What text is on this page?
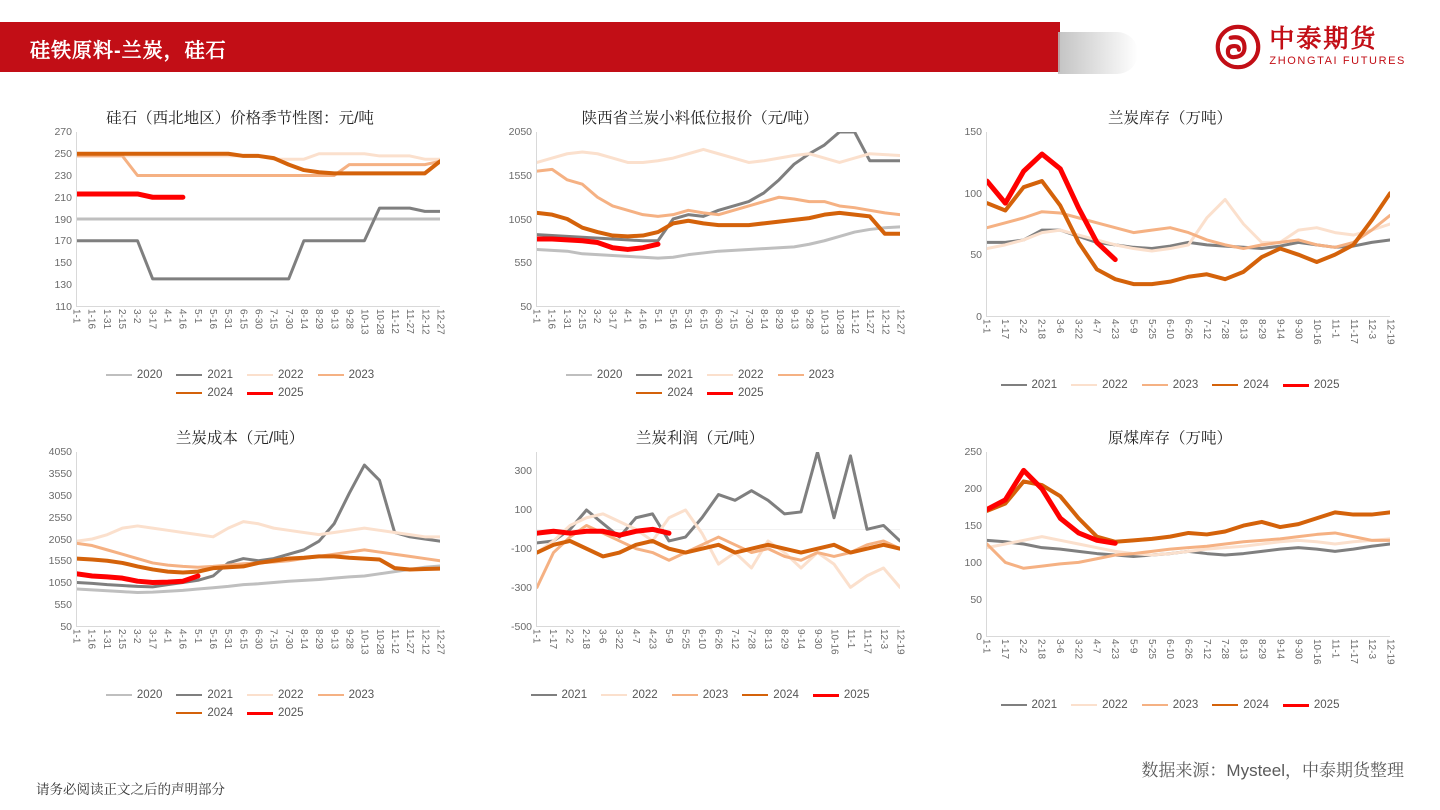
硅铁原料-兰炭，硅石	中泰期货
ZHONGTAI FUTURES
硅石（西北地区）价格季节性图：元/吨
110
130
150
170
190
210
230
250
270
1-1 1-16 1-31 2-15 3-2 3-17 4-1 4-16 5-1 5-16 5-31 6-15 6-30 7-15 7-30 8-14 8-29 9-13 9-28 10-13 10-28 11-12 11-27 12-12 12-27
2020	2021	2022	2023
2024	2025
陕西省兰炭小料低位报价（元/吨）
50
550
1050
1550
2050
1-1 1-16 1-31 2-15 3-2 3-17 4-1 4-16 5-1 5-16 5-31 6-15 6-30 7-15 7-30 8-14 8-29 9-13 9-28 10-13 10-28 11-12 11-27 12-12 12-27
2020	2021	2022	2023
2024	2025
兰炭库存（万吨）
0
50
100
150
1-1 1-17 2-2 2-18 3-6 3-22 4-7 4-23 5-9 5-25 6-10 6-26 7-12 7-28 8-13 8-29 9-14 9-30 10-16 11-1 11-17 12-3 12-19
2021	2022	2023	2024	2025
兰炭成本（元/吨）
50
550
1050
1550
2050
2550
3050
3550
4050
1-1 1-16 1-31 2-15 3-2 3-17 4-1 4-16 5-1 5-16 5-31 6-15 6-30 7-15 7-30 8-14 8-29 9-13 9-28 10-13 10-28 11-12 11-27 12-12 12-27
2020	2021	2022	2023
2024	2025
兰炭利润（元/吨）
-500
-300
-100
100
300
1-1 1-17 2-2 2-18 3-6 3-22 4-7 4-23 5-9 5-25 6-10 6-26 7-12 7-28 8-13 8-29 9-14 9-30 10-16 11-1 11-17 12-3 12-19
2021	2022	2023	2024	2025
原煤库存（万吨）
0
50
100
150
200
250
1-1 1-17 2-2 2-18 3-6 3-22 4-7 4-23 5-9 5-25 6-10 6-26 7-12 7-28 8-13 8-29 9-14 9-30 10-16 11-1 11-17 12-3 12-19
2021	2022	2023	2024	2025
数据来源：Mysteel，中泰期货整理
请务必阅读正文之后的声明部分
